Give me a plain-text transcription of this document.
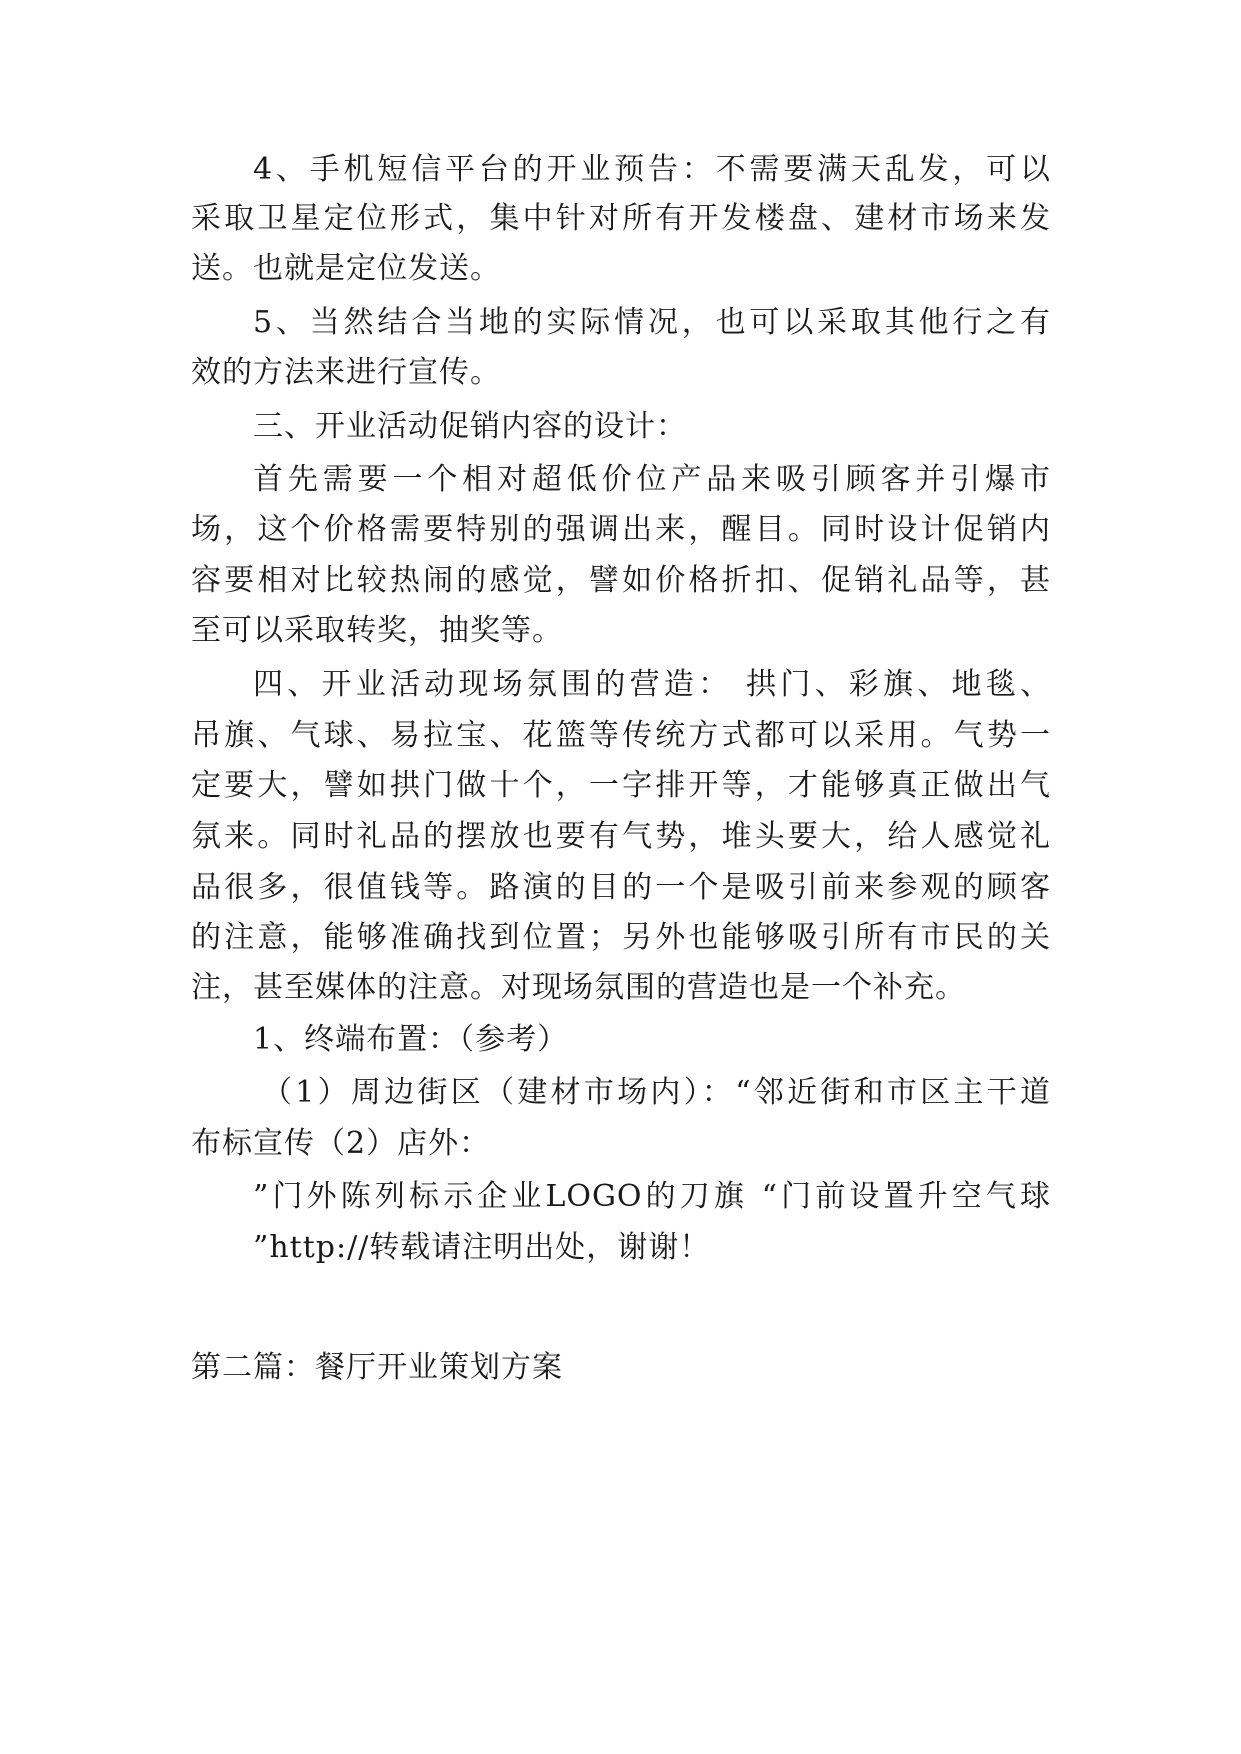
4、手机短信平台的开业预告：不需要满天乱发，可以
采取卫星定位形式，集中针对所有开发楼盘、建材市场来发
送。也就是定位发送。
5、当然结合当地的实际情况，也可以采取其他行之有
效的方法来进行宣传。
三、开业活动促销内容的设计：
首先需要一个相对超低价位产品来吸引顾客并引爆市
场，这个价格需要特别的强调出来，醒目。同时设计促销内
容要相对比较热闹的感觉，譬如价格折扣、促销礼品等，甚
至可以采取转奖，抽奖等。
四、开业活动现场氛围的营造： 拱门、彩旗、地毯、
吊旗、气球、易拉宝、花篮等传统方式都可以采用。气势一
定要大，譬如拱门做十个，一字排开等，才能够真正做出气
氛来。同时礼品的摆放也要有气势，堆头要大，给人感觉礼
品很多，很值钱等。路演的目的一个是吸引前来参观的顾客
的注意，能够准确找到位置；另外也能够吸引所有市民的关
注，甚至媒体的注意。对现场氛围的营造也是一个补充。
1、终端布置：（参考）
（1）周边街区（建材市场内）：“邻近街和市区主干道
布标宣传（2）店外：
”门外陈列标示企业LOGO的刀旗 “门前设置升空气球
”http://转载请注明出处，谢谢！
第二篇：餐厅开业策划方案
